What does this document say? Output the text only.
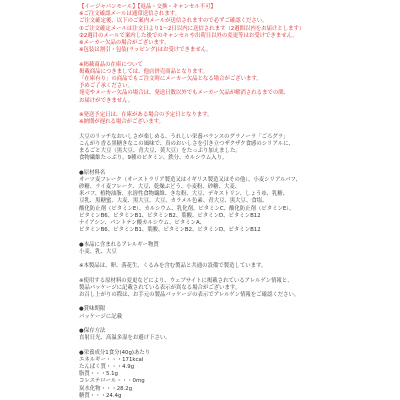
【イージャパンモール】【返品・交換・キャンセル不可】
※ご注文確認メールは通常送信されます。
ご注文確定後、以下のご案内メールが送信されますので必ずご確認ください。
①ご注文確定メールは注文日より1～2日以内に送信されます（2週間以内をお届けとします）
②2週目のメールで案内した後でのキャンセルや出荷日以外の変更等はお受けできません。
※メーカー欠品の場合がございます。
※包装は割引・包装(ラッピング)はお受けできません。
※掲載商品の在庫について
掲載商品につきましては、他店併売商品となります。
「在庫有り」の商品でもご注文時にメーカー欠品となる場合がございます。
予めご了承ください。
発売やメーカー欠品の場合は、発送日数以外でもメーカー欠品が解消されるまでの間、
お届けができません。
※発送予定日は、在庫がある場合の予定日となります。
※納期が遅れる場合がございます。
大豆のリッチなおいしさが楽しめる、うれしい栄養バランスのグラノーラ「ごろグラ」
こんがり香る黒糖きなこの風味で、真のおいしさを引き立つザクザク食感のシリアルに、
まるごと大豆（黒大豆、青大豆、黄大豆）をたっぷり加えました。
食物繊維たっぷり、9種のビタミン、鉄分、カルシウム入り。
●原材料名
オーツ麦フレーク（オーストラリア製造又はイギリス製造又はその他）、小麦シリアルパフ、
砂糖、ライ麦フレーク、大豆、乾燥ぶどう、小麦粉、砂糖、大麦、
米パフ、植物油脂、水溶性食物繊維、きな粉、大豆、デキストリン、しょうゆ、乳糖、
豆乳、黒糖蜜、大麦、黒大豆、大豆、カラメル色素、青大豆、黒大豆、食塩、
酸化防止剤（ビタミンE）、カルシウム、乳化剤、ビタミンC、酸化防止剤（ビタミンE）、
ビタミンB6、ビタミンB1、ビタミンB2、葉酸、ビタミンD、ビタミンB12
ナイアシン、パントテン酸カルシウム、ビタミンA、
ビタミンB6、ビタミンB1、葉酸、ビタミンB2、ビタミンD、ビタミンB12
●本品に含まれるアレルギー物質
小麦、乳、大豆
※本製品は、卵、落花生、くるみを含む製品と共通の設備で製造しています。
※使用する原材料の変更などにより、ウェブサイトに掲載されているアレルゲン情報と、
製品パッケージに記載されている表示が異なる場合がございます。
お召し上がりの際は、お手元の製品パッケージの表示でアレルゲン情報をご確認ください。
●賞味期限
パッケージに記載
●保存方法
直射日光、高温多湿をお避け下さい。
●栄養成分1食分(40g)あたり
エネルギー・・・171kcal
たんぱく質・・・4.9g
脂質・・・5.1g
コレステロール・・・0mg
炭水化物・・・28.2g
糖質・・・24.4g
